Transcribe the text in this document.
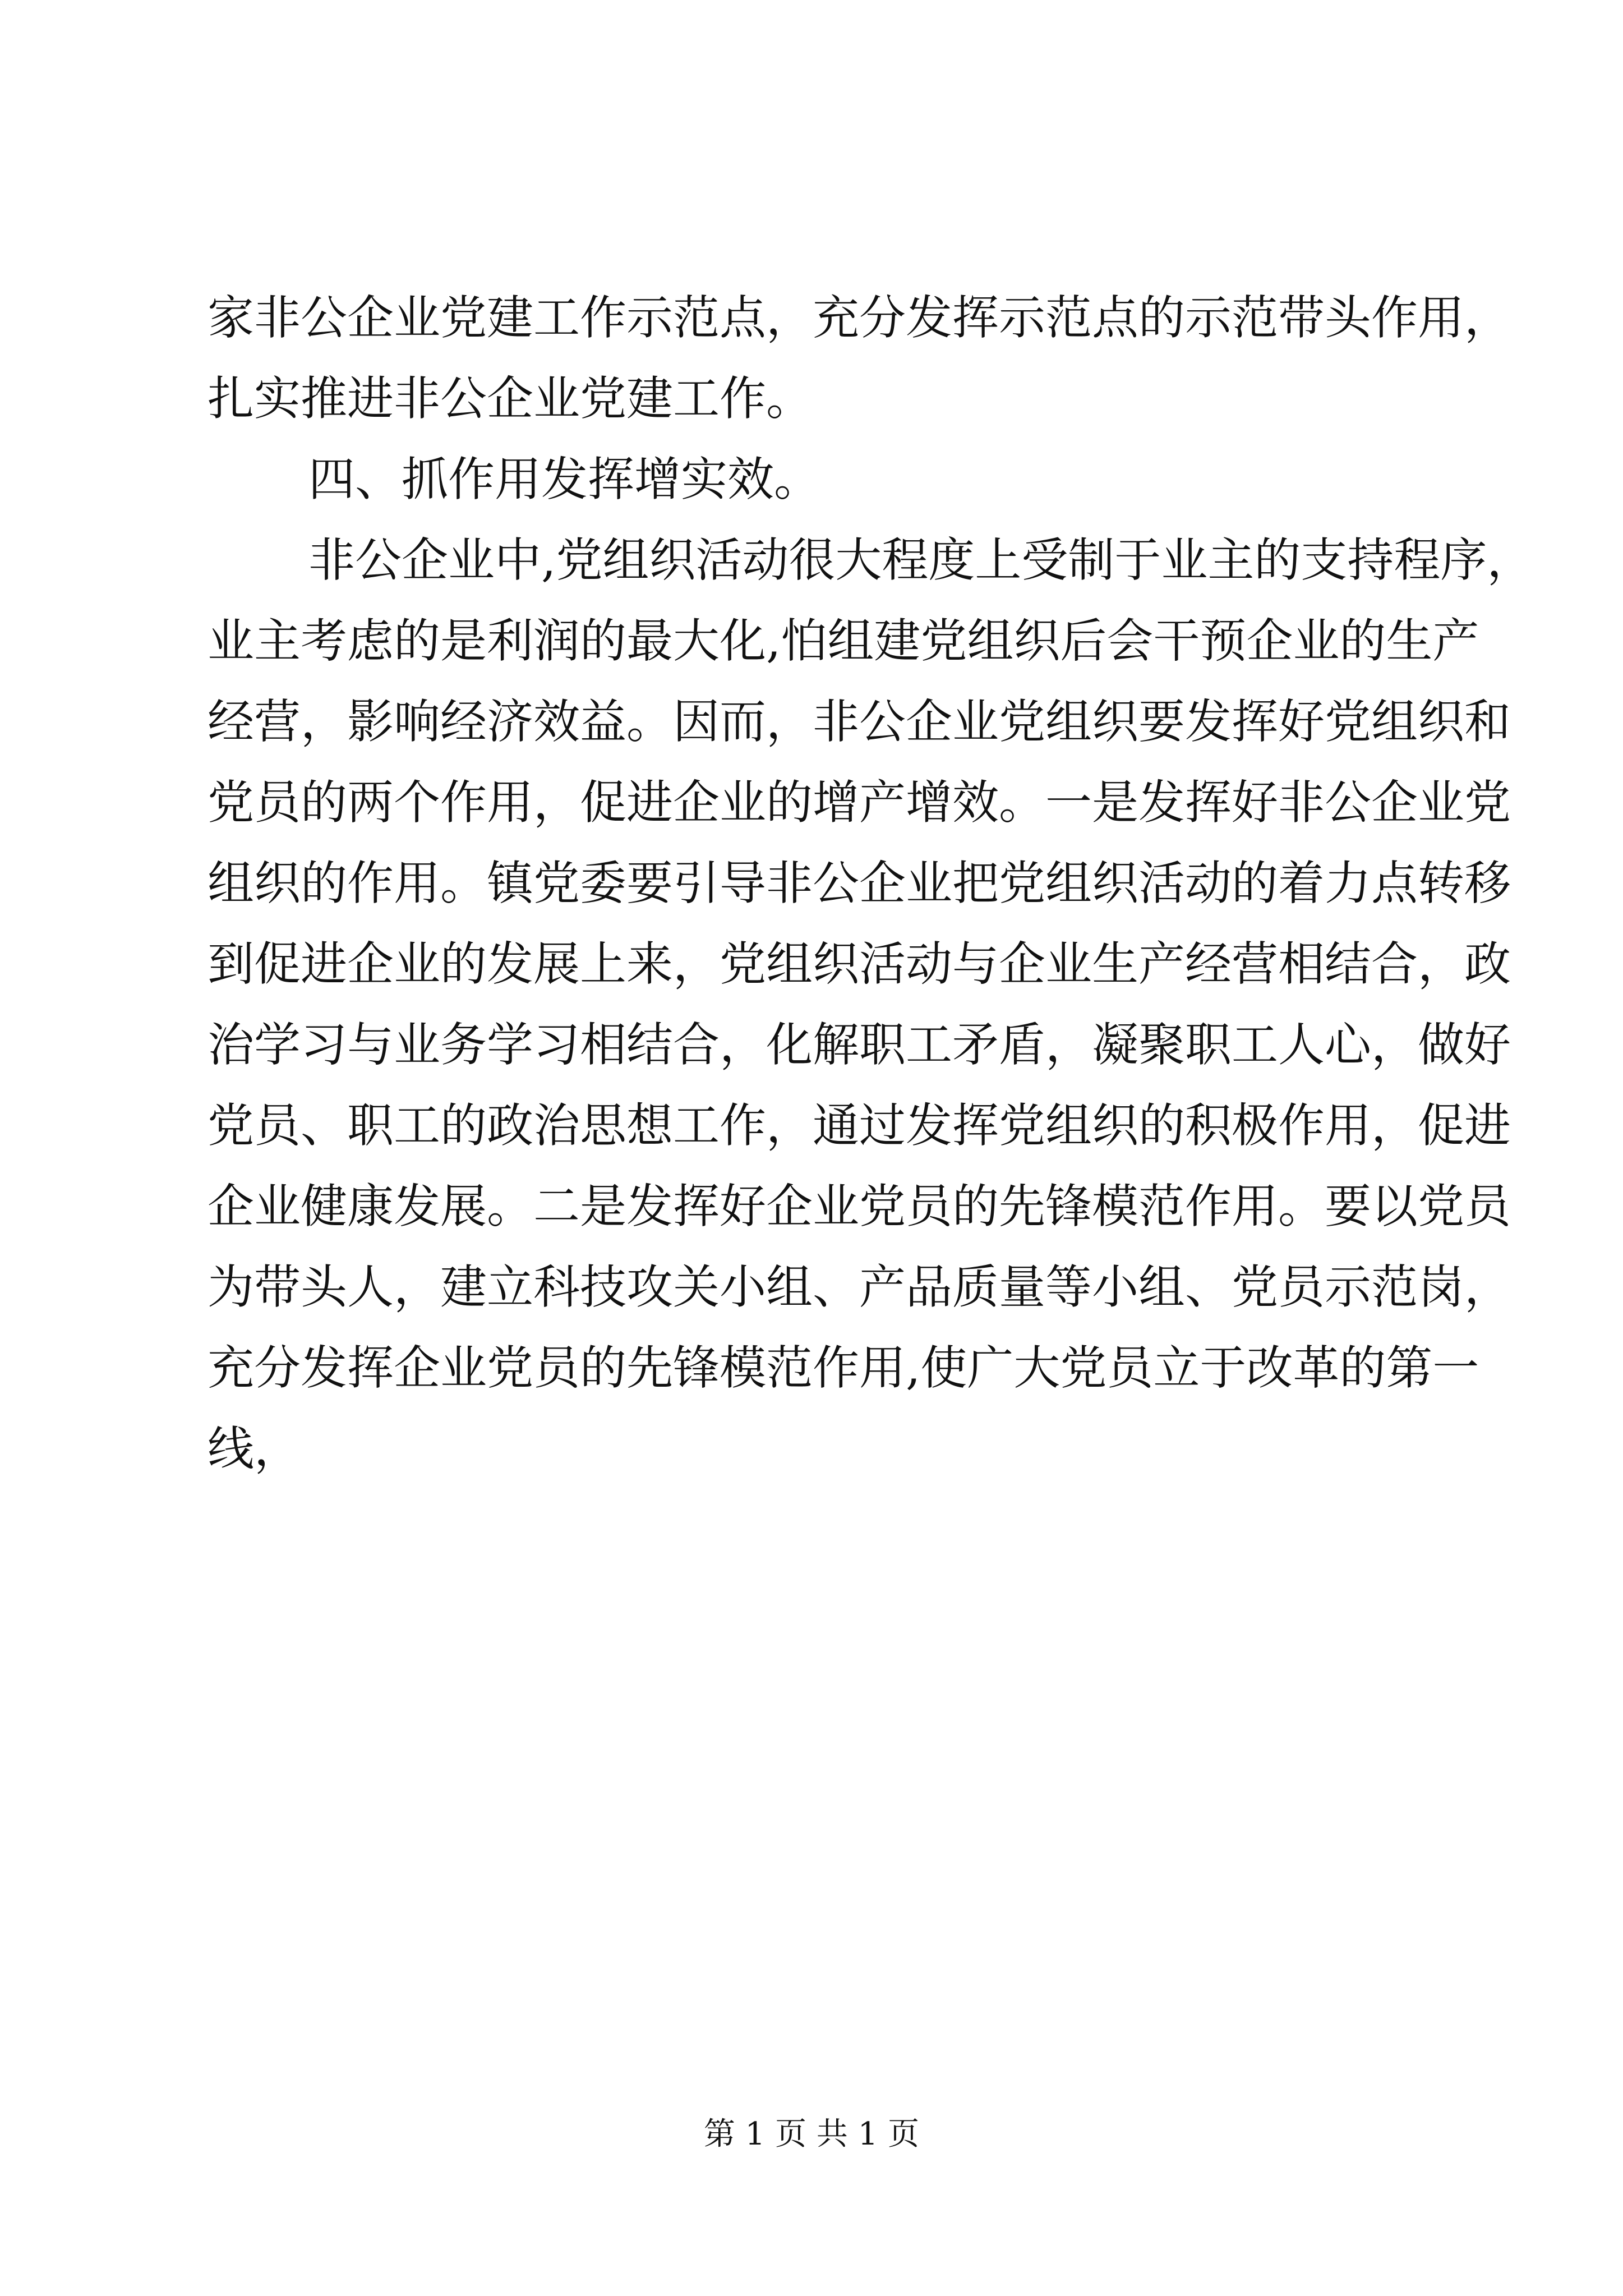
家非公企业党建工作示范点，充分发挥示范点的示范带头作用，
扎实推进非公企业党建工作。
四、抓作用发挥增实效。
非公企业中,党组织活动很大程度上受制于业主的支持程序，
业主考虑的是利润的最大化,怕组建党组织后会干预企业的生产
经营，影响经济效益。因而，非公企业党组织要发挥好党组织和
党员的两个作用，促进企业的增产增效。一是发挥好非公企业党
组织的作用。镇党委要引导非公企业把党组织活动的着力点转移
到促进企业的发展上来，党组织活动与企业生产经营相结合，政
治学习与业务学习相结合，化解职工矛盾，凝聚职工人心，做好
党员、职工的政治思想工作，通过发挥党组织的积极作用，促进
企业健康发展。二是发挥好企业党员的先锋模范作用。要以党员
为带头人，建立科技攻关小组、产品质量等小组、党员示范岗，
充分发挥企业党员的先锋模范作用,使广大党员立于改革的第一
线，
第 1 页 共 1 页
